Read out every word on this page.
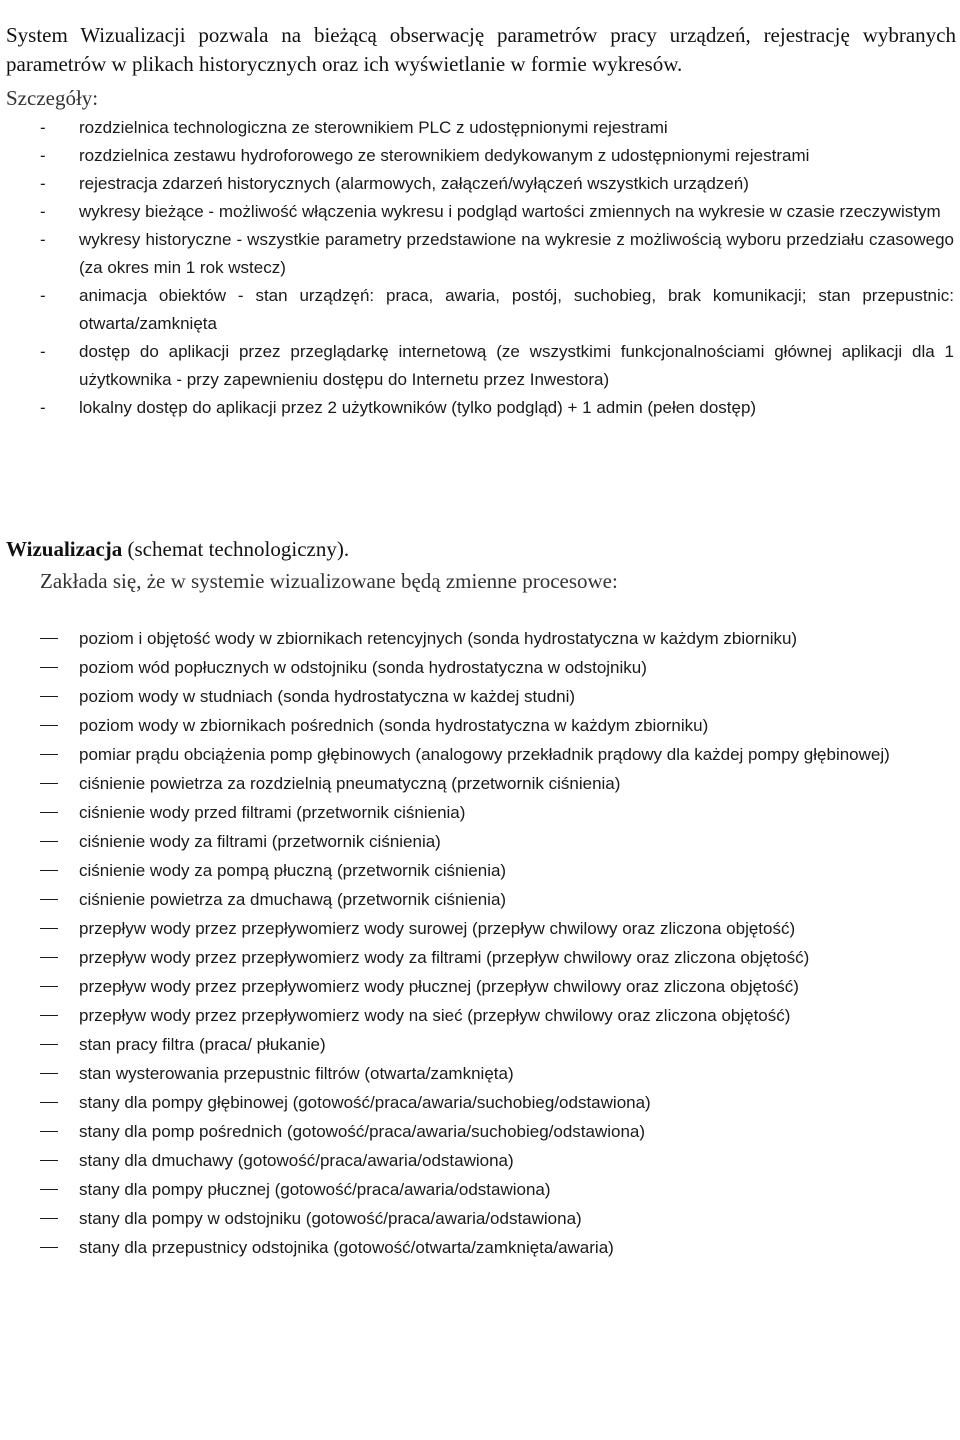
System Wizualizacji pozwala na bieżącą obserwację parametrów pracy urządzeń, rejestrację wybranych parametrów w plikach historycznych oraz ich wyświetlanie w formie wykresów.

Szczegóły:
- rozdzielnica technologiczna ze sterownikiem PLC z udostępnionymi rejestrami
- rozdzielnica zestawu hydroforowego ze sterownikiem dedykowanym z udostępnionymi rejestrami
- rejestracja zdarzeń historycznych (alarmowych, załączeń/wyłączeń wszystkich urządzeń)
- wykresy bieżące - możliwość włączenia wykresu i podgląd wartości zmiennych na wykresie w czasie rzeczywistym
- wykresy historyczne - wszystkie parametry przedstawione na wykresie z możliwością wyboru przedziału czasowego (za okres min 1 rok wstecz)
- animacja obiektów - stan urządzęń: praca, awaria, postój, suchobieg, brak komunikacji; stan przepustnic: otwarta/zamknięta
- dostęp do aplikacji przez przeglądarkę internetową (ze wszystkimi funkcjonalnościami głównej aplikacji dla 1 użytkownika - przy zapewnieniu dostępu do Internetu przez Inwestora)
- lokalny dostęp do aplikacji przez 2 użytkowników (tylko podgląd) + 1 admin (pełen dostęp)
Wizualizacja (schemat technologiczny).
Zakłada się, że w systemie wizualizowane będą zmienne procesowe:
poziom i objętość wody w zbiornikach retencyjnych (sonda hydrostatyczna w każdym zbiorniku)
poziom wód popłucznych w odstojniku (sonda hydrostatyczna w odstojniku)
poziom wody w studniach (sonda hydrostatyczna w każdej studni)
poziom wody w zbiornikach pośrednich (sonda hydrostatyczna w każdym zbiorniku)
pomiar prądu obciążenia pomp głębinowych (analogowy przekładnik prądowy dla każdej pompy głębinowej)
ciśnienie powietrza za rozdzielnią pneumatyczną (przetwornik ciśnienia)
ciśnienie wody przed filtrami (przetwornik ciśnienia)
ciśnienie wody za filtrami (przetwornik ciśnienia)
ciśnienie wody za pompą płuczną (przetwornik ciśnienia)
ciśnienie powietrza za dmuchawą (przetwornik ciśnienia)
przepływ wody przez przepływomierz wody surowej (przepływ chwilowy oraz zliczona objętość)
przepływ wody przez przepływomierz wody za filtrami (przepływ chwilowy oraz zliczona objętość)
przepływ wody przez przepływomierz wody płucznej (przepływ chwilowy oraz zliczona objętość)
przepływ wody przez przepływomierz wody na sieć (przepływ chwilowy oraz zliczona objętość)
stan pracy filtra (praca/ płukanie)
stan wysterowania przepustnic filtrów (otwarta/zamknięta)
stany dla pompy głębinowej (gotowość/praca/awaria/suchobieg/odstawiona)
stany dla pomp pośrednich (gotowość/praca/awaria/suchobieg/odstawiona)
stany dla dmuchawy (gotowość/praca/awaria/odstawiona)
stany dla pompy płucznej (gotowość/praca/awaria/odstawiona)
stany dla pompy w odstojniku (gotowość/praca/awaria/odstawiona)
stany dla przepustnicy odstojnika (gotowość/otwarta/zamknięta/awaria)
